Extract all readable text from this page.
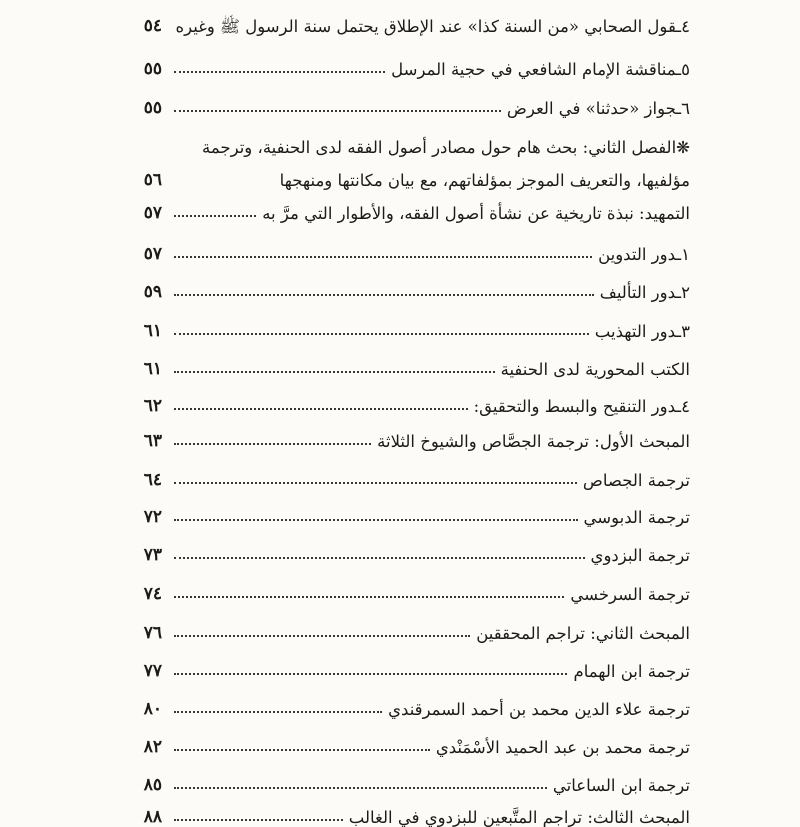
٤ـقول الصحابي «من السنة كذا» عند الإطلاق يحتمل سنة الرسول ﷺ وغيره
٥٤
٥ـمناقشة الإمام الشافعي في حجية المرسل
٥٥
٦ـجواز «حدثنا» في العرض
٥٥
❋الفصل الثاني: بحث هام حول مصادر أصول الفقه لدى الحنفية، وترجمة
مؤلفيها، والتعريف الموجز بمؤلفاتهم، مع بيان مكانتها ومنهجها
٥٦
التمهيد: نبذة تاريخية عن نشأة أصول الفقه، والأطوار التي مرَّ به
٥٧
١ـدور التدوين
٥٧
٢ـدور التأليف
٥٩
٣ـدور التهذيب
٦١
الكتب المحورية لدى الحنفية
٦١
٤ـدور التنقيح والبسط والتحقيق:
٦٢
المبحث الأول: ترجمة الجصَّاص والشيوخ الثلاثة
٦٣
ترجمة الجصاص
٦٤
ترجمة الدبوسي
٧٢
ترجمة البزدوي
٧٣
ترجمة السرخسي
٧٤
المبحث الثاني: تراجم المحققين
٧٦
ترجمة ابن الهمام
٧٧
ترجمة علاء الدين محمد بن أحمد السمرقندي
٨٠
ترجمة محمد بن عبد الحميد الأسْمَنْدي
٨٢
ترجمة ابن الساعاتي
٨٥
المبحث الثالث: تراجم المتَّبعين للبزدوي في الغالب
٨٨
